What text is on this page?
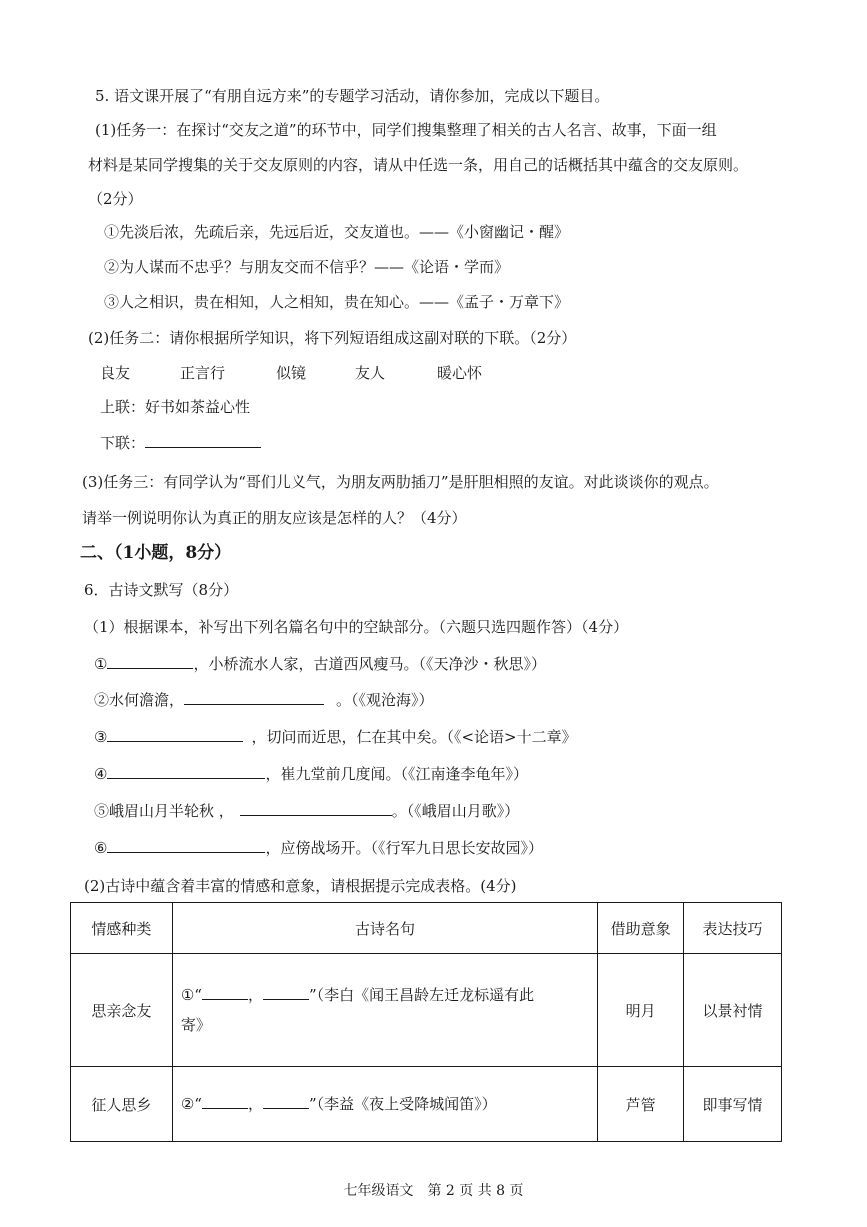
5. 语文课开展了“有朋自远方来”的专题学习活动，请你参加，完成以下题目。
(1)任务一：在探讨“交友之道”的环节中，同学们搜集整理了相关的古人名言、故事，下面一组
材料是某同学搜集的关于交友原则的内容，请从中任选一条，用自己的话概括其中蕴含的交友原则。
（2分）
①先淡后浓，先疏后亲，先远后近，交友道也。——《小窗幽记・醒》
②为人谋而不忠乎？与朋友交而不信乎？——《论语・学而》
③人之相识，贵在相知，人之相知，贵在知心。——《孟子・万章下》
(2)任务二：请你根据所学知识，将下列短语组成这副对联的下联。（2分）
良友	正言行	似镜	友人	暖心怀
上联：好书如茶益心性
下联：
(3)任务三：有同学认为“哥们儿义气，为朋友两肋插刀”是肝胆相照的友谊。对此谈谈你的观点。
请举一例说明你认为真正的朋友应该是怎样的人？（4分）
二、（1小题，8分）
6．古诗文默写（8分）
（1）根据课本，补写出下列名篇名句中的空缺部分。（六题只选四题作答）（4分）
①	，小桥流水人家，古道西风瘦马。（《天净沙・秋思》）
②水何澹澹，	。（《观沧海》）
③	，切问而近思，仁在其中矣。（《<论语>十二章》
④	，崔九堂前几度闻。（《江南逢李龟年》）
⑤峨眉山月半轮秋 ，	。（《峨眉山月歌》）
⑥	，应傍战场开。（《行军九日思长安故园》）
(2)古诗中蕴含着丰富的情感和意象，请根据提示完成表格。(4分)
情感种类	古诗名句	借助意象	表达技巧
思亲念友	①“ ， ”（李白《闻王昌龄左迁龙标遥有此
寄》	明月	以景衬情
征人思乡	②“ ， ”（李益《夜上受降城闻笛》）	芦管	即事写情
七年级语文　第 2 页 共 8 页
